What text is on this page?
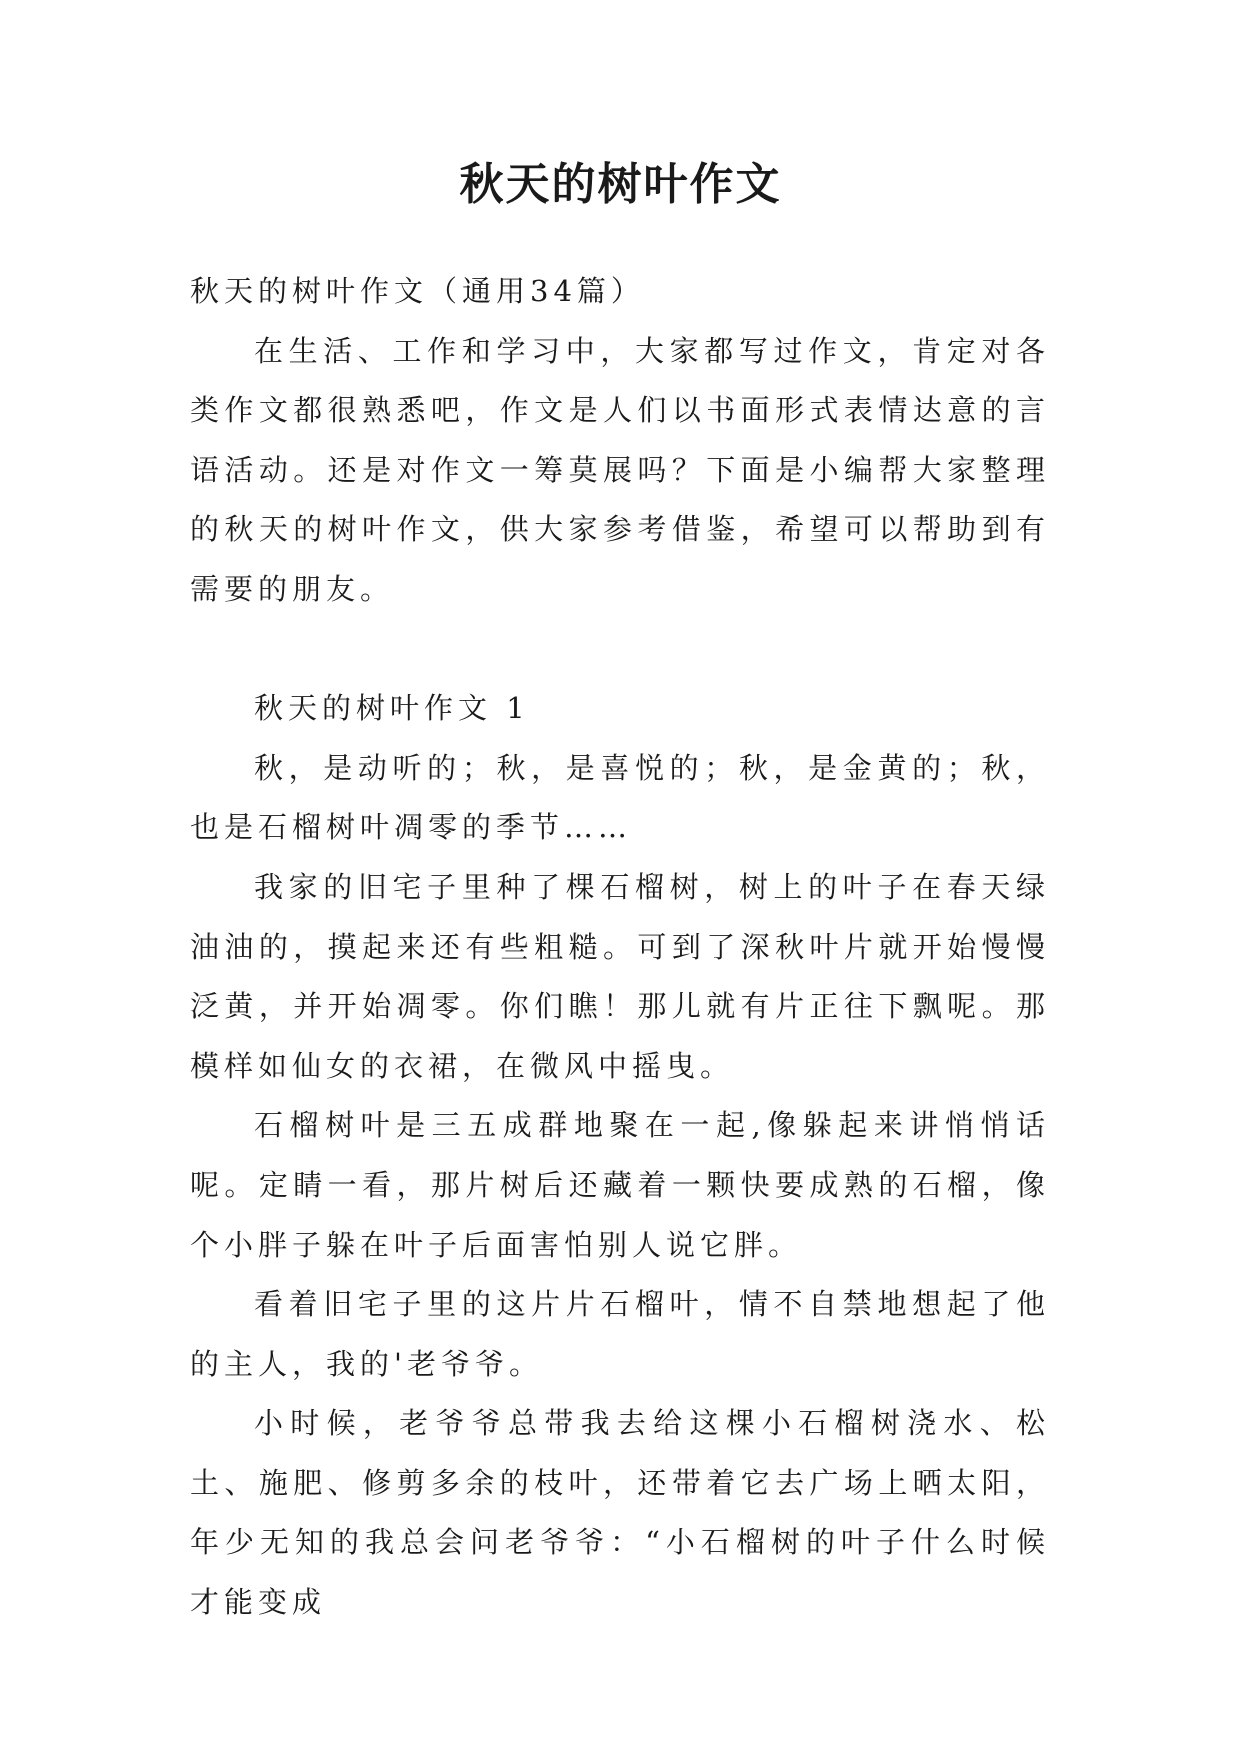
秋天的树叶作文

秋天的树叶作文（通用34篇）

在生活、工作和学习中，大家都写过作文，肯定对各类作文都很熟悉吧，作文是人们以书面形式表情达意的言语活动。还是对作文一筹莫展吗？下面是小编帮大家整理的秋天的树叶作文，供大家参考借鉴，希望可以帮助到有需要的朋友。

秋天的树叶作文 1

秋，是动听的；秋，是喜悦的；秋，是金黄的；秋，也是石榴树叶凋零的季节……

我家的旧宅子里种了棵石榴树，树上的叶子在春天绿油油的，摸起来还有些粗糙。可到了深秋叶片就开始慢慢泛黄，并开始凋零。你们瞧！那儿就有片正往下飘呢。那模样如仙女的衣裙，在微风中摇曳。

石榴树叶是三五成群地聚在一起,像躲起来讲悄悄话呢。定睛一看，那片树后还藏着一颗快要成熟的石榴，像个小胖子躲在叶子后面害怕别人说它胖。

看着旧宅子里的这片片石榴叶，情不自禁地想起了他的主人，我的'老爷爷。

小时候，老爷爷总带我去给这棵小石榴树浇水、松土、施肥、修剪多余的枝叶，还带着它去广场上晒太阳，年少无知的我总会问老爷爷：“小石榴树的叶子什么时候才能变成
